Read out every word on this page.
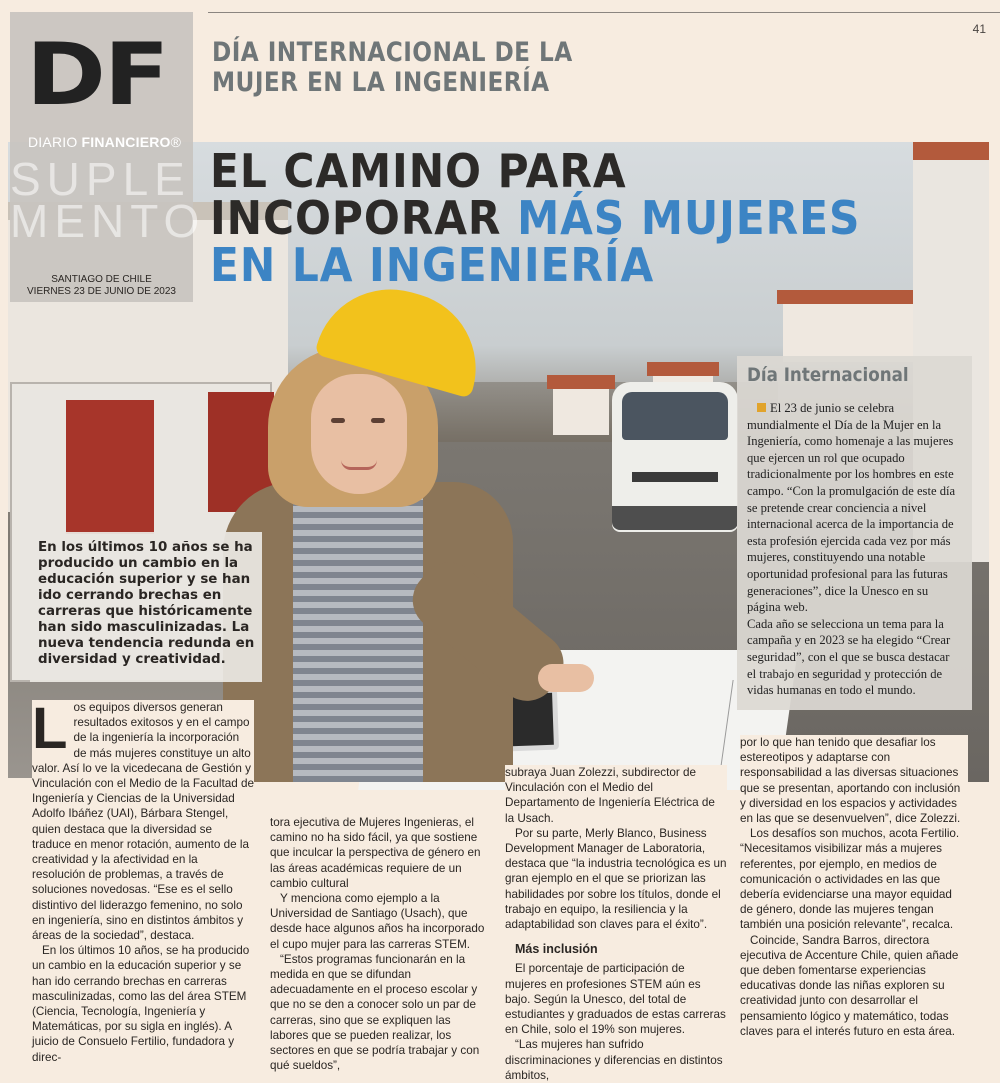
41
DÍA INTERNACIONAL DE LA
MUJER EN LA INGENIERÍA
DF
DIARIO FINANCIERO®
SUPLE
MENTO
SANTIAGO DE CHILE
VIERNES 23 DE JUNIO DE 2023
EL CAMINO PARA
INCOPORAR MÁS MUJERES
EN LA INGENIERÍA
Día Internacional

El 23 de junio se celebra mundialmente el Día de la Mujer en la Ingeniería, como homenaje a las mujeres que ejercen un rol que ocupado tradicionalmente por los hombres en este campo. “Con la promulgación de este día se pretende crear conciencia a nivel internacional acerca de la importancia de esta profesión ejercida cada vez por más mujeres, constituyendo una notable oportunidad profesional para las futuras generaciones”, dice la Unesco en su página web.

Cada año se selecciona un tema para la campaña y en 2023 se ha elegido “Crear seguridad”, con el que se busca destacar el trabajo en seguridad y protección de vidas humanas en todo el mundo.

En los últimos 10 años se ha producido un cambio en la educación superior y se han ido cerrando brechas en carreras que históricamente han sido masculinizadas. La nueva tendencia redunda en diversidad y creatividad.

Los equipos diversos generan resultados exitosos y en el campo de la ingeniería la incorporación de más mujeres constituye un alto valor. Así lo ve la vicedecana de Gestión y Vinculación con el Medio de la Facultad de Ingeniería y Ciencias de la Universidad Adolfo Ibáñez (UAI), Bárbara Stengel, quien destaca que la diversidad se traduce en menor rotación, aumento de la creatividad y la afectividad en la resolución de problemas, a través de soluciones novedosas. “Ese es el sello distintivo del liderazgo femenino, no solo en ingeniería, sino en distintos ámbitos y áreas de la sociedad”, destaca.

En los últimos 10 años, se ha producido un cambio en la educación superior y se han ido cerrando brechas en carreras masculinizadas, como las del área STEM (Ciencia, Tecnología, Ingeniería y Matemáticas, por su sigla en inglés). A juicio de Consuelo Fertilio, fundadora y direc-

tora ejecutiva de Mujeres Ingenieras, el camino no ha sido fácil, ya que sostiene que inculcar la perspectiva de género en las áreas académicas requiere de un cambio cultural

Y menciona como ejemplo a la Universidad de Santiago (Usach), que desde hace algunos años ha incorporado el cupo mujer para las carreras STEM.

“Estos programas funcionarán en la medida en que se difundan adecuadamente en el proceso escolar y que no se den a conocer solo un par de carreras, sino que se expliquen las labores que se pueden realizar, los sectores en que se podría trabajar y con qué sueldos”,

subraya Juan Zolezzi, subdirector de Vinculación con el Medio del Departamento de Ingeniería Eléctrica de la Usach.

Por su parte, Merly Blanco, Business Development Manager de Laboratoria, destaca que “la industria tecnológica es un gran ejemplo en el que se priorizan las habilidades por sobre los títulos, donde el trabajo en equipo, la resiliencia y la adaptabilidad son claves para el éxito”.

Más inclusión

El porcentaje de participación de mujeres en profesiones STEM aún es bajo. Según la Unesco, del total de estudiantes y graduados de estas carreras en Chile, solo el 19% son mujeres.

“Las mujeres han sufrido discriminaciones y diferencias en distintos ámbitos,

por lo que han tenido que desafiar los estereotipos y adaptarse con responsabilidad a las diversas situaciones que se presentan, aportando con inclusión y diversidad en los espacios y actividades en las que se desenvuelven”, dice Zolezzi.

Los desafíos son muchos, acota Fertilio. “Necesitamos visibilizar más a mujeres referentes, por ejemplo, en medios de comunicación o actividades en las que debería evidenciarse una mayor equidad de género, donde las mujeres tengan también una posición relevante”, recalca.

Coincide, Sandra Barros, directora ejecutiva de Accenture Chile, quien añade que deben fomentarse experiencias educativas donde las niñas exploren su creatividad junto con desarrollar el pensamiento lógico y matemático, todas claves para el interés futuro en esta área.
